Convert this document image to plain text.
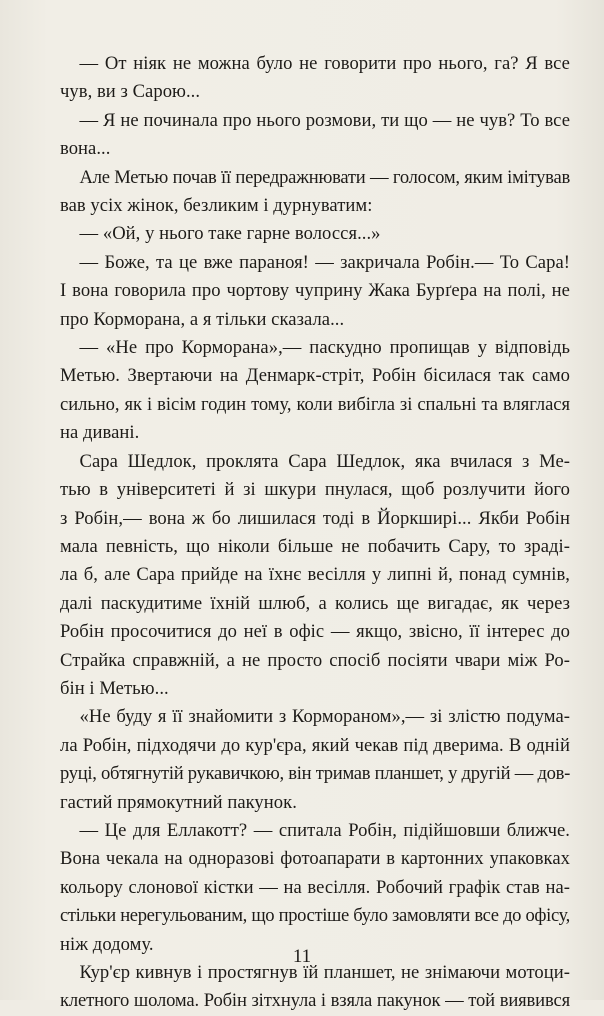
— От ніяк не можна було не говорити про нього, га? Я все
чув, ви з Сарою...
— Я не починала про нього розмови, ти що — не чув? То все
вона...
Але Метью почав її передражнювати — голосом, яким імітував
вав усіх жінок, безликим і дурнуватим:
— «Ой, у нього таке гарне волосся...»
— Боже, та це вже параноя! — закричала Робін.— То Сара!
І вона говорила про чортову чуприну Жака Бурґера на полі, не
про Корморана, а я тільки сказала...
— «Не про Корморана»,— паскудно пропищав у відповідь
Метью. Звертаючи на Денмарк-стріт, Робін бісилася так само
сильно, як і вісім годин тому, коли вибігла зі спальні та вляглася
на дивані.
Сара Шедлок, проклята Сара Шедлок, яка вчилася з Ме-
тью в університеті й зі шкури пнулася, щоб розлучити його
з Робін,— вона ж бо лишилася тоді в Йоркширі... Якби Робін
мала певність, що ніколи більше не побачить Сару, то зраді-
ла б, але Сара прийде на їхнє весілля у липні й, понад сумнів,
далі паскудитиме їхній шлюб, а колись ще вигадає, як через
Робін просочитися до неї в офіс — якщо, звісно, її інтерес до
Страйка справжній, а не просто спосіб посіяти чвари між Ро-
бін і Метью...
«Не буду я її знайомити з Кормораном»,— зі злістю подума-
ла Робін, підходячи до кур'єра, який чекав під дверима. В одній
руці, обтягнутій рукавичкою, він тримав планшет, у другій — дов-
гастий прямокутний пакунок.
— Це для Еллакотт? — спитала Робін, підійшовши ближче.
Вона чекала на одноразові фотоапарати в картонних упаковках
кольору слонової кістки — на весілля. Робочий графік став на-
стільки нерегульованим, що простіше було замовляти все до офісу,
ніж додому.
Кур'єр кивнув і простягнув їй планшет, не знімаючи мотоци-
клетного шолома. Робін зітхнула і взяла пакунок — той виявився
11
